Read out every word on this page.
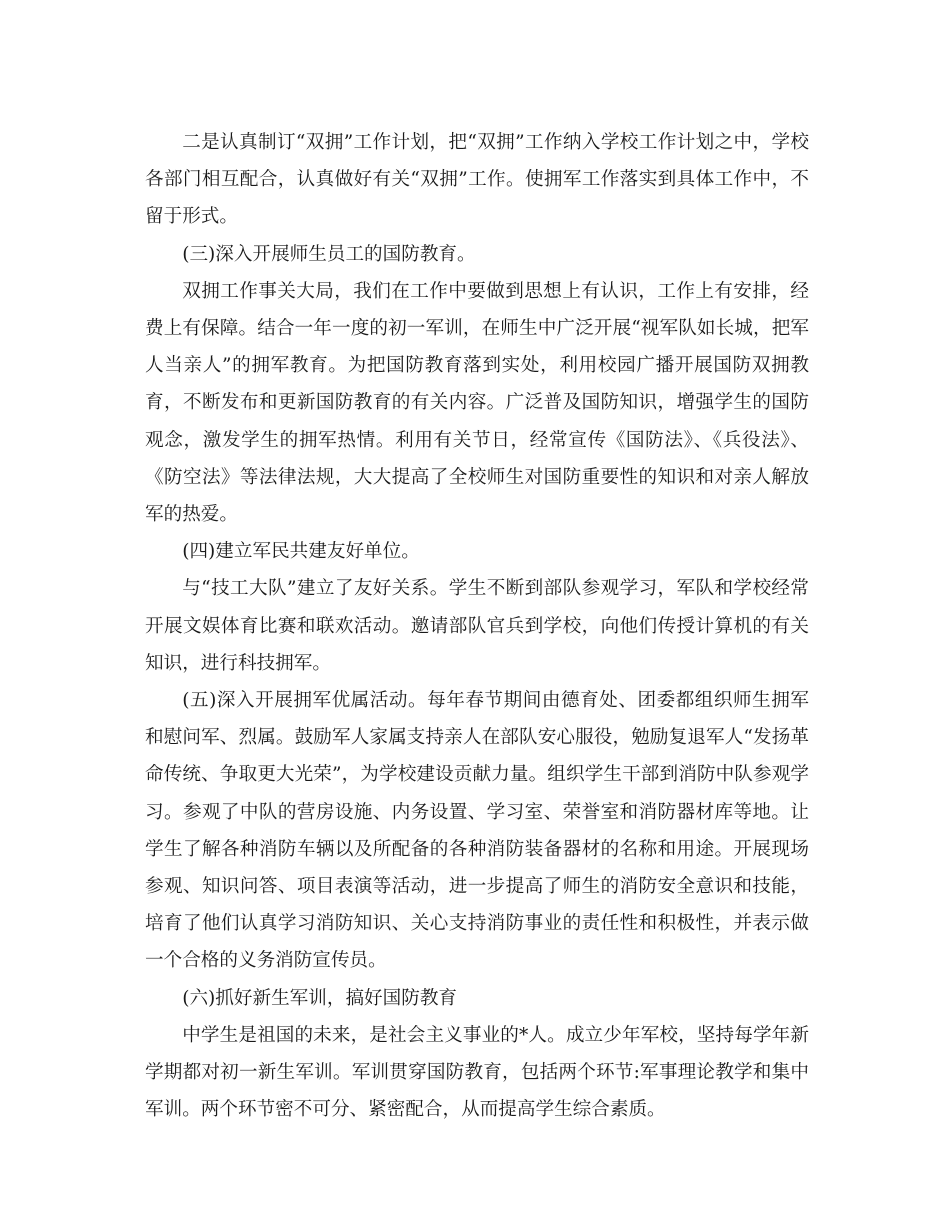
二是认真制订“双拥”工作计划，把“双拥”工作纳入学校工作计划之中，学校各部门相互配合，认真做好有关“双拥”工作。使拥军工作落实到具体工作中，不留于形式。

(三)深入开展师生员工的国防教育。

双拥工作事关大局，我们在工作中要做到思想上有认识，工作上有安排，经费上有保障。结合一年一度的初一军训，在师生中广泛开展“视军队如长城，把军人当亲人”的拥军教育。为把国防教育落到实处，利用校园广播开展国防双拥教育，不断发布和更新国防教育的有关内容。广泛普及国防知识，增强学生的国防观念，激发学生的拥军热情。利用有关节日，经常宣传《国防法》、《兵役法》、《防空法》等法律法规，大大提高了全校师生对国防重要性的知识和对亲人解放军的热爱。

(四)建立军民共建友好单位。

与“技工大队”建立了友好关系。学生不断到部队参观学习，军队和学校经常开展文娱体育比赛和联欢活动。邀请部队官兵到学校，向他们传授计算机的有关知识，进行科技拥军。

(五)深入开展拥军优属活动。每年春节期间由德育处、团委都组织师生拥军和慰问军、烈属。鼓励军人家属支持亲人在部队安心服役，勉励复退军人“发扬革命传统、争取更大光荣”，为学校建设贡献力量。组织学生干部到消防中队参观学习。参观了中队的营房设施、内务设置、学习室、荣誉室和消防器材库等地。让学生了解各种消防车辆以及所配备的各种消防装备器材的名称和用途。开展现场参观、知识问答、项目表演等活动，进一步提高了师生的消防安全意识和技能，培育了他们认真学习消防知识、关心支持消防事业的责任性和积极性，并表示做一个合格的义务消防宣传员。

(六)抓好新生军训，搞好国防教育

中学生是祖国的未来，是社会主义事业的*人。成立少年军校，坚持每学年新学期都对初一新生军训。军训贯穿国防教育，包括两个环节:军事理论教学和集中军训。两个环节密不可分、紧密配合，从而提高学生综合素质。
